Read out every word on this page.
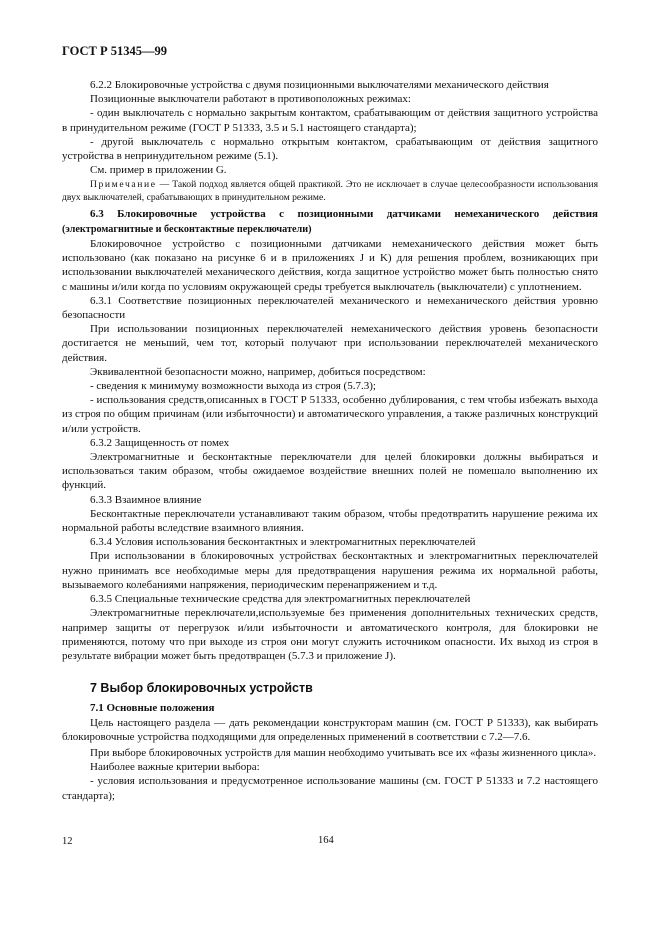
ГОСТ Р 51345—99

6.2.2 Блокировочные устройства с двумя позиционными выключателями механического действия

Позиционные выключатели работают в противоположных режимах:

- один выключатель с нормально закрытым контактом, срабатывающим от действия защитного устройства в принудительном режиме (ГОСТ Р 51333, 3.5 и 5.1 настоящего стандарта);

- другой выключатель с нормально открытым контактом, срабатывающим от действия защитного устройства в непринудительном режиме (5.1).

См. пример в приложении G.

Примечание — Такой подход является общей практикой. Это не исключает в случае целесообразности использования двух выключателей, срабатывающих в принудительном режиме.

6.3 Блокировочные устройства с позиционными датчиками немеханического действия (электромагнитные и бесконтактные переключатели)

Блокировочное устройство с позиционными датчиками немеханического действия может быть использовано (как показано на рисунке 6 и в приложениях J и K) для решения проблем, возникающих при использовании выключателей механического действия, когда защитное устройство может быть полностью снято с машины и/или когда по условиям окружающей среды требуется выключатель (выключатели) с уплотнением.

6.3.1 Соответствие позиционных переключателей механического и немеханического действия уровню безопасности

При использовании позиционных переключателей немеханического действия уровень безопасности достигается не меньший, чем тот, который получают при использовании переключателей механического действия.

Эквивалентной безопасности можно, например, добиться посредством:

- сведения к минимуму возможности выхода из строя (5.7.3);

- использования средств,описанных в ГОСТ Р 51333, особенно дублирования, с тем чтобы избежать выхода из строя по общим причинам (или избыточности) и автоматического управления, а также различных конструкций и/или устройств.

6.3.2 Защищенность от помех

Электромагнитные и бесконтактные переключатели для целей блокировки должны выбираться и использоваться таким образом, чтобы ожидаемое воздействие внешних полей не помешало выполнению их функций.

6.3.3 Взаимное влияние

Бесконтактные переключатели устанавливают таким образом, чтобы предотвратить нарушение режима их нормальной работы вследствие взаимного влияния.

6.3.4 Условия использования бесконтактных и электромагнитных переключателей

При использовании в блокировочных устройствах бесконтактных и электромагнитных переключателей нужно принимать все необходимые меры для предотвращения нарушения режима их нормальной работы, вызываемого колебаниями напряжения, периодическим перенапряжением и т.д.

6.3.5 Специальные технические средства для электромагнитных переключателей

Электромагнитные переключатели,используемые без применения дополнительных технических средств, например защиты от перегрузок и/или избыточности и автоматического контроля, для блокировки не применяются, потому что при выходе из строя они могут служить источником опасности. Их выход из строя в результате вибрации может быть предотвращен (5.7.3 и приложение J).

7 Выбор блокировочных устройств

7.1 Основные положения

Цель настоящего раздела — дать рекомендации конструкторам машин (см. ГОСТ Р 51333), как выбирать блокировочные устройства подходящими для определенных применений в соответствии с 7.2—7.6.

При выборе блокировочных устройств для машин необходимо учитывать все их «фазы жизненного цикла».

Наиболее важные критерии выбора:

- условия использования и предусмотренное использование машины (см. ГОСТ Р 51333 и 7.2 настоящего стандарта);

12	164
